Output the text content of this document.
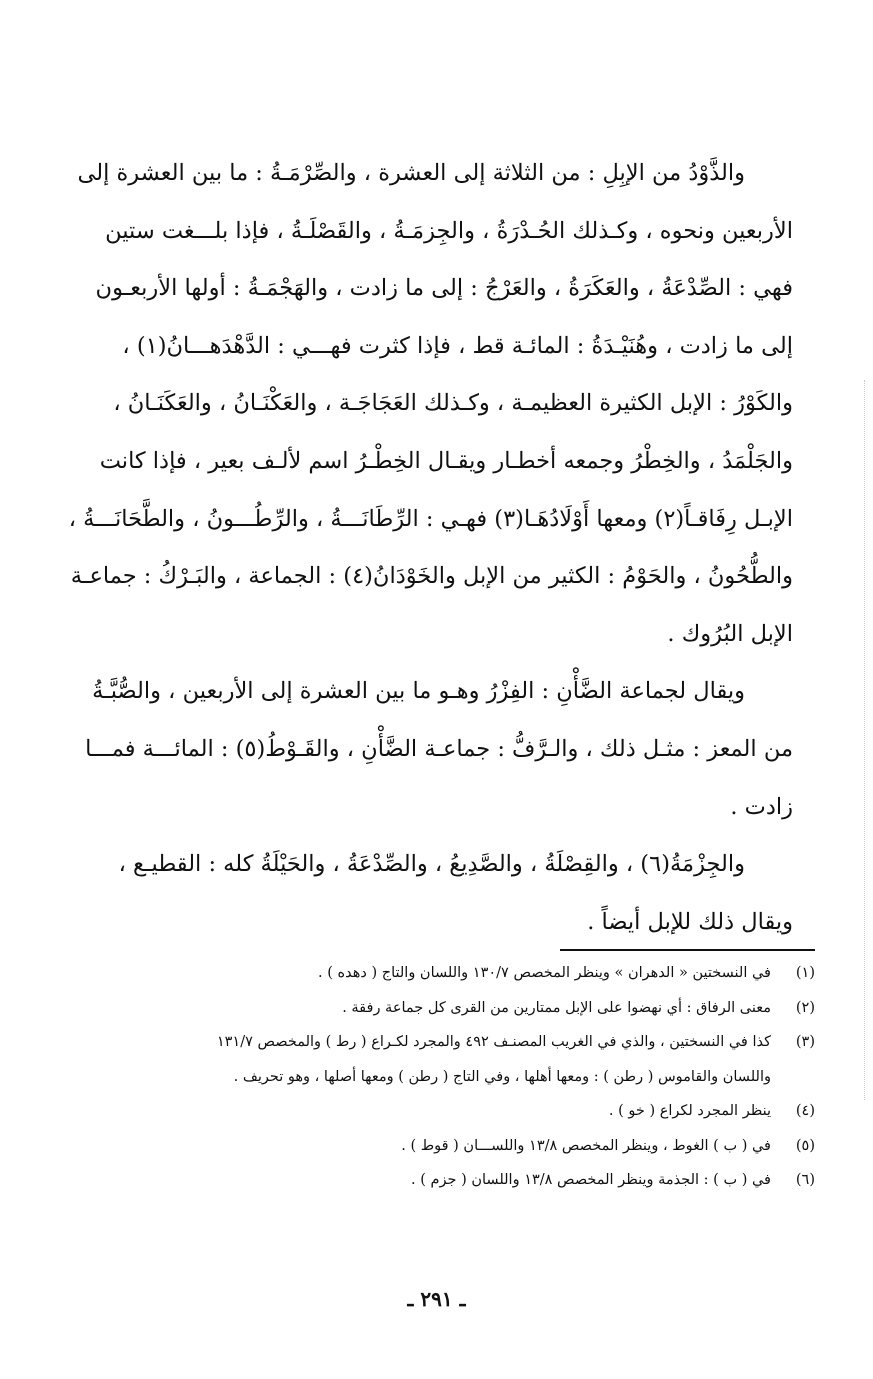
والذَّوْدُ من الإبِلِ : من الثلاثة إلى العشرة ، والصِّرْمَـةُ : ما بين العشرة إلى
الأربعين ونحوه ، وكـذلك الحُـدْرَةُ ، والجِزمَـةُ ، والقَصْلَـةُ ، فإذا بلـــغت ستين
فهي : الصِّدْعَةُ ، والعَكَرَةُ ، والعَرْجُ : إلى ما زادت ، والهَجْمَـةُ : أولها الأربعـون
إلى ما زادت ، وهُنَيْـدَةُ : المائـة قط ، فإذا كثرت فهـــي : الدَّهْدَهـــانُ(١) ،
والكَوْرُ : الإبل الكثيرة العظيمـة ، وكـذلك العَجَاجَـة ، والعَكْنَـانُ ، والعَكَنَـانُ ،
والجَلْمَدُ ، والخِطْرُ وجمعه أخطـار ويقـال الخِطْـرُ اسم لألـف بعير ، فإذا كانت
الإبـل رِفَاقـاً(٢) ومعها أَوْلَادُهَـا(٣) فهـي : الرِّطَانَـــةُ ، والرِّطُـــونُ ، والطَّحَانَـــةُ ،
والطُّحُونُ ، والحَوْمُ : الكثير من الإبل والخَوْدَانُ(٤) : الجماعة ، والبَـرْكُ : جماعـة
الإبل البُرُوك .
ويقال لجماعة الضَّأْنِ : الفِزْرُ وهـو ما بين العشرة إلى الأربعين ، والصُّبَّـةُ
من المعز : مثـل ذلك ، والـرَّفُّ : جماعـة الضَّأْنِ ، والقَـوْطُ(٥) : المائـــة فمـــا
زادت .
والجِزْمَةُ(٦) ، والقِصْلَةُ ، والصَّدِيعُ ، والصِّدْعَةُ ، والحَيْلَةُ كله : القطيـع ،
ويقال ذلك للإبل أيضاً .
(١)
في النسختين « الدهران » وينظر المخصص ١٣٠/٧ واللسان والتاج ( دهده ) .
(٢)
معنى الرفاق : أي نهضوا على الإبل ممتارين من القرى كل جماعة رفقة .
(٣)
كذا في النسختين ، والذي في الغريب المصنـف ٤٩٢ والمجرد لكـراع ( رط ) والمخصص ١٣١/٧
واللسان والقاموس ( رطن ) : ومعها أهلها ، وفي التاج ( رطن ) ومعها أصلها ، وهو تحريف .
(٤)
ينظر المجرد لكراع ( خو ) .
(٥)
في ( ب ) الغوط ، وينظر المخصص ١٣/٨ واللســـان ( قوط ) .
(٦)
في ( ب ) : الجذمة وينظر المخصص ١٣/٨ واللسان ( جزم ) .
ـ ٢٩١ ـ
